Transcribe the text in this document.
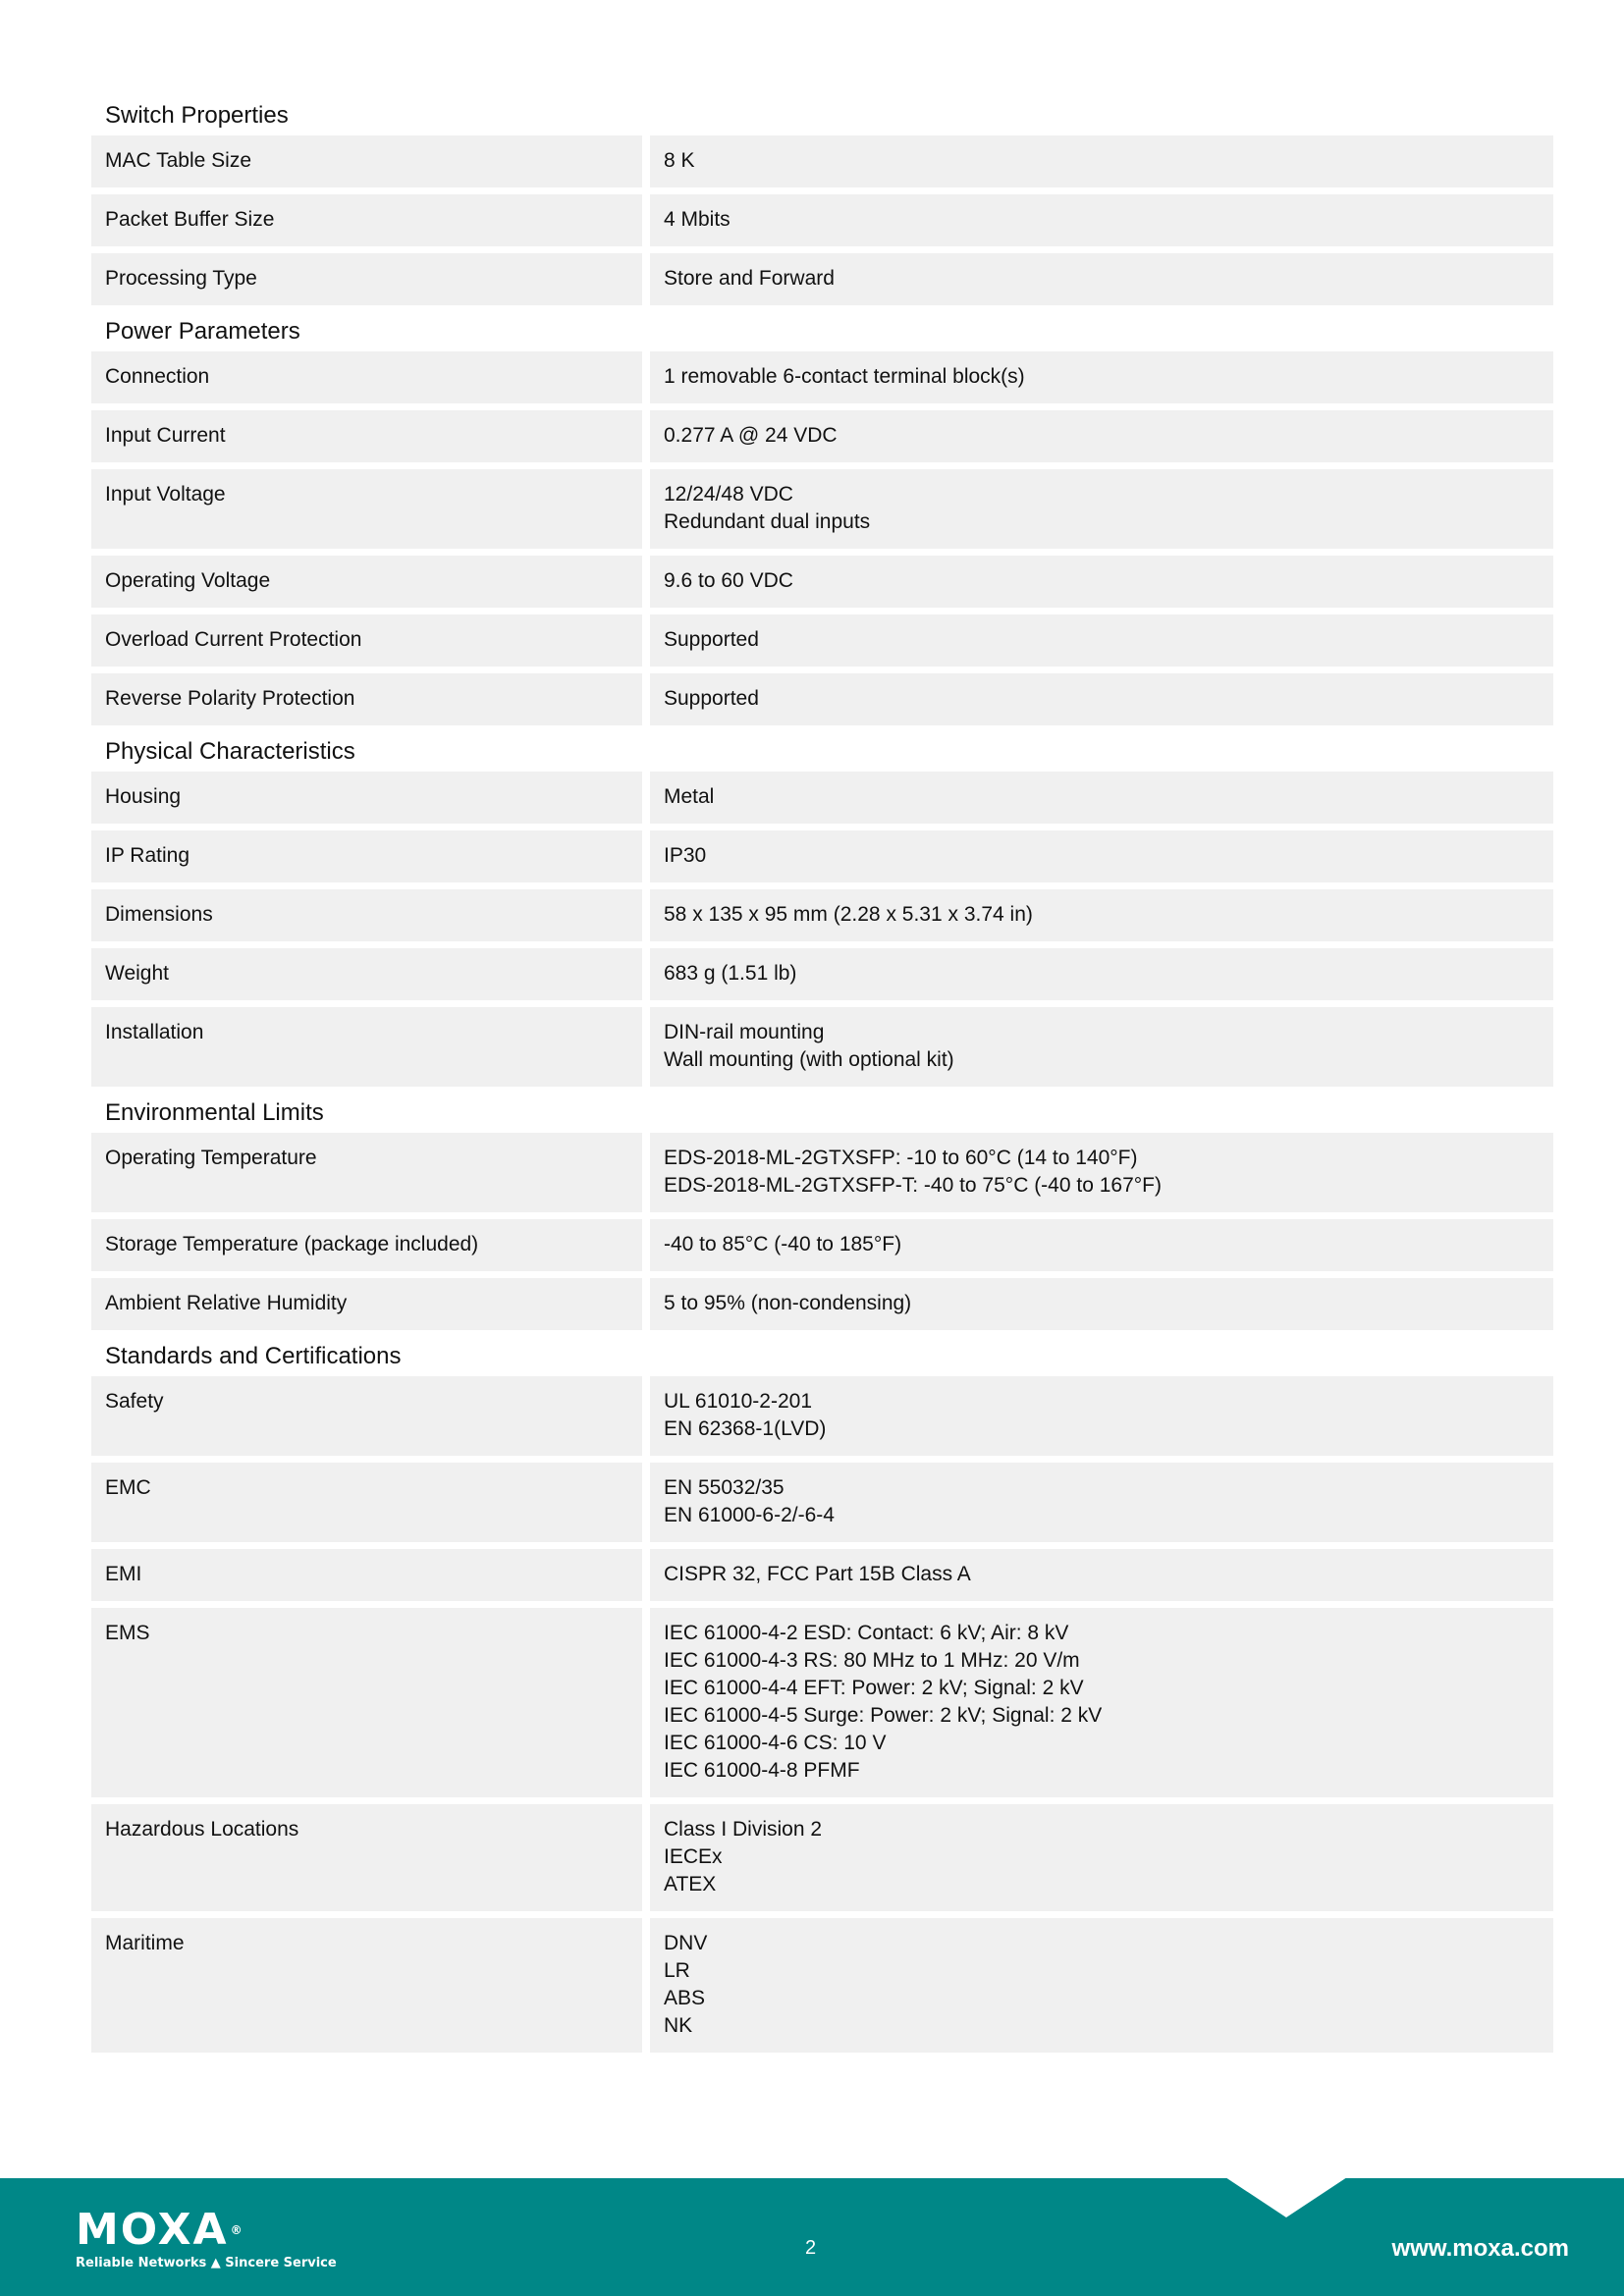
Switch Properties
MAC Table Size	8 K
Packet Buffer Size	4 Mbits
Processing Type	Store and Forward
Power Parameters
Connection	1 removable 6-contact terminal block(s)
Input Current	0.277 A @ 24 VDC
Input Voltage	12/24/48 VDC
Redundant dual inputs
Operating Voltage	9.6 to 60 VDC
Overload Current Protection	Supported
Reverse Polarity Protection	Supported
Physical Characteristics
Housing	Metal
IP Rating	IP30
Dimensions	58 x 135 x 95 mm (2.28 x 5.31 x 3.74 in)
Weight	683 g (1.51 lb)
Installation	DIN-rail mounting
Wall mounting (with optional kit)
Environmental Limits
Operating Temperature	EDS-2018-ML-2GTXSFP: -10 to 60°C (14 to 140°F)
EDS-2018-ML-2GTXSFP-T: -40 to 75°C (-40 to 167°F)
Storage Temperature (package included)	-40 to 85°C (-40 to 185°F)
Ambient Relative Humidity	5 to 95% (non-condensing)
Standards and Certifications
Safety	UL 61010-2-201
EN 62368-1(LVD)
EMC	EN 55032/35
EN 61000-6-2/-6-4
EMI	CISPR 32, FCC Part 15B Class A
EMS	IEC 61000-4-2 ESD: Contact: 6 kV; Air: 8 kV
IEC 61000-4-3 RS: 80 MHz to 1 MHz: 20 V/m
IEC 61000-4-4 EFT: Power: 2 kV; Signal: 2 kV
IEC 61000-4-5 Surge: Power: 2 kV; Signal: 2 kV
IEC 61000-4-6 CS: 10 V
IEC 61000-4-8 PFMF
Hazardous Locations	Class I Division 2
IECEx
ATEX
Maritime	DNV
LR
ABS
NK
MOXA ®
Reliable Networks ▲ Sincere Service
2	www.moxa.com
